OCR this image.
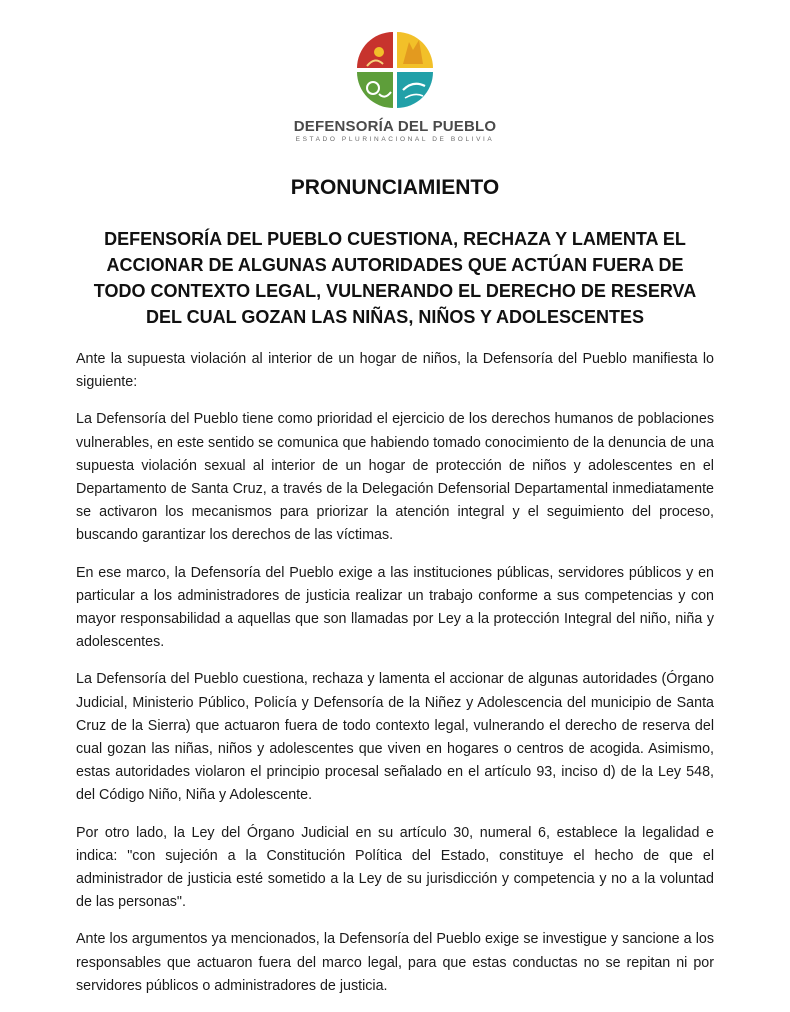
DEFENSORÍA DEL PUEBLO
ESTADO PLURINACIONAL DE BOLIVIA
PRONUNCIAMIENTO
DEFENSORÍA DEL PUEBLO CUESTIONA, RECHAZA Y LAMENTA EL ACCIONAR DE ALGUNAS AUTORIDADES QUE ACTÚAN FUERA DE TODO CONTEXTO LEGAL, VULNERANDO EL DERECHO DE RESERVA DEL CUAL GOZAN LAS NIÑAS, NIÑOS Y ADOLESCENTES

Ante la supuesta violación al interior de un hogar de niños, la Defensoría del Pueblo manifiesta lo siguiente:

La Defensoría del Pueblo tiene como prioridad el ejercicio de los derechos humanos de poblaciones vulnerables, en este sentido se comunica que habiendo tomado conocimiento de la denuncia de una supuesta violación sexual al interior de un hogar de protección de niños y adolescentes en el Departamento de Santa Cruz, a través de la Delegación Defensorial Departamental inmediatamente se activaron los mecanismos para priorizar la atención integral y el seguimiento del proceso, buscando garantizar los derechos de las víctimas.

En ese marco, la Defensoría del Pueblo exige a las instituciones públicas, servidores públicos y en particular a los administradores de justicia realizar un trabajo conforme a sus competencias y con mayor responsabilidad a aquellas que son llamadas por Ley a la protección Integral del niño, niña y adolescentes.

La Defensoría del Pueblo cuestiona, rechaza y lamenta el accionar de algunas autoridades (Órgano Judicial, Ministerio Público, Policía y Defensoría de la Niñez y Adolescencia del municipio de Santa Cruz de la Sierra) que actuaron fuera de todo contexto legal, vulnerando el derecho de reserva del cual gozan las niñas, niños y adolescentes que viven en hogares o centros de acogida. Asimismo, estas autoridades violaron el principio procesal señalado en el artículo 93, inciso d) de la Ley 548, del Código Niño, Niña y Adolescente.

Por otro lado, la Ley del Órgano Judicial en su artículo 30, numeral 6, establece la legalidad e indica: "con sujeción a la Constitución Política del Estado, constituye el hecho de que el administrador de justicia esté sometido a la Ley de su jurisdicción y competencia y no a la voluntad de las personas".

Ante los argumentos ya mencionados, la Defensoría del Pueblo exige se investigue y sancione a los responsables que actuaron fuera del marco legal, para que estas conductas no se repitan ni por servidores públicos o administradores de justicia.
